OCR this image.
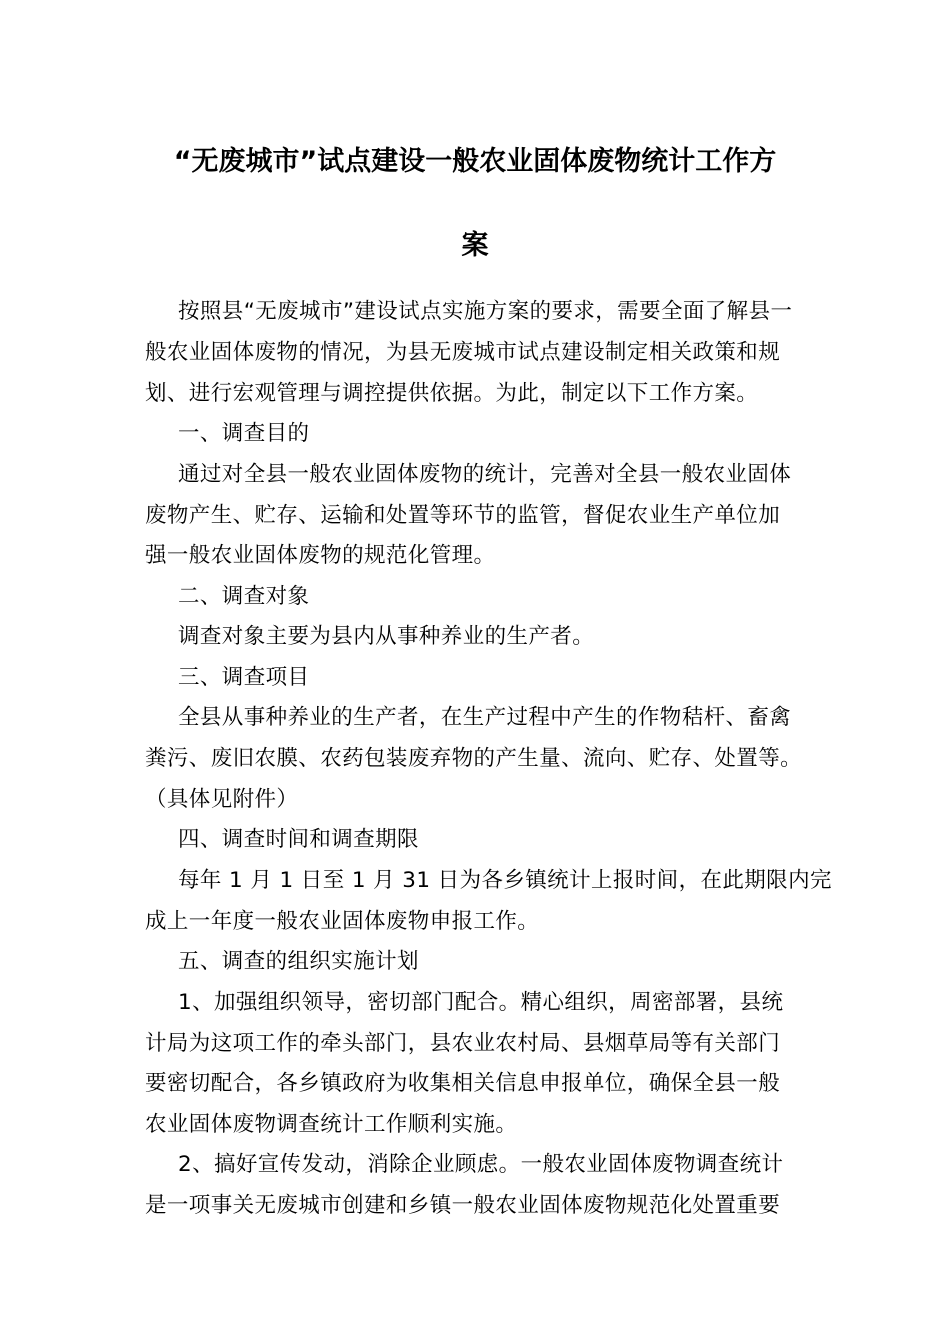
“无废城市”试点建设一般农业固体废物统计工作方
案

按照县“无废城市”建设试点实施方案的要求，需要全面了解县一

般农业固体废物的情况，为县无废城市试点建设制定相关政策和规

划、进行宏观管理与调控提供依据。为此，制定以下工作方案。

一、调查目的

通过对全县一般农业固体废物的统计，完善对全县一般农业固体

废物产生、贮存、运输和处置等环节的监管，督促农业生产单位加

强一般农业固体废物的规范化管理。

二、调查对象

调查对象主要为县内从事种养业的生产者。

三、调查项目

全县从事种养业的生产者，在生产过程中产生的作物秸杆、畜禽

粪污、废旧农膜、农药包装废弃物的产生量、流向、贮存、处置等。

（具体见附件）

四、调查时间和调查期限

每年 1 月 1 日至 1 月 31 日为各乡镇统计上报时间，在此期限内完

成上一年度一般农业固体废物申报工作。

五、调查的组织实施计划

1、加强组织领导，密切部门配合。精心组织，周密部署，县统

计局为这项工作的牵头部门，县农业农村局、县烟草局等有关部门

要密切配合，各乡镇政府为收集相关信息申报单位，确保全县一般

农业固体废物调查统计工作顺利实施。

2、搞好宣传发动，消除企业顾虑。一般农业固体废物调查统计

是一项事关无废城市创建和乡镇一般农业固体废物规范化处置重要
